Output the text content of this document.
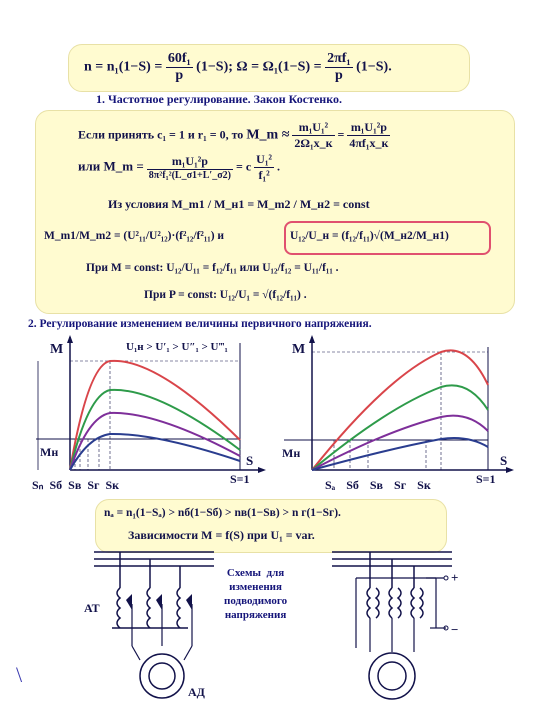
$n = n_1(1-S) = \frac{\text{60f₁}}{p} (1-S)$; $\Omega = \Omega_1(1-S) = \frac{\text{2πf₁}}{p} (1-S)$.
1. Частотное регулирование. Закон Костенко.
Если принять c₁ = 1 и r₁ = 0, то M_m ≈ $\frac{\text{m₁U₁²}}{\text{2Ω₁x\_к}} = \frac{\text{m₁U₁²p}}{\text{4πf₁x\_к}}$
или M_m = $\frac{\text{m₁U₁²p}}{\text{8π²f₁²(L\_σ1+L′\_σ2)}} = c \frac{\text{U₁²}}{\text{f₁²}}$ .
Из условия M_m1 / M_н1 = M_m2 / M_н2 = const
M_m1/M_m2 = (U²₁₁/U²₁₂)·(f²₁₂/f²₁₁) и	U₁₂/U_н = (f₁₂/f₁₁)√(M_н2/M_н1)
При M = const: U₁₂/U₁₁ = f₁₂/f₁₁ или U₁₂/f₁₂ = U₁₁/f₁₁ .
При P = const: U₁₂/U₁ = √(f₁₂/f₁₁) .
2. Регулирование изменением величины первичного напряжения.
M
Mн
S
S=1
U₁н > U′₁ > U″₁ > U‴₁
Sₙ Sб Sв Sг Sк
M
Mн	S
S=1
Sₐ Sб Sв Sг Sк
nₐ = n₁(1−Sₐ) > nб(1−Sб) > nв(1−Sв) > n г(1−Sг).
Зависимости M = f(S) при U₁ = var.
АТ
АД
Схемы  для
изменения
подводимого
напряжения
+
−
\
